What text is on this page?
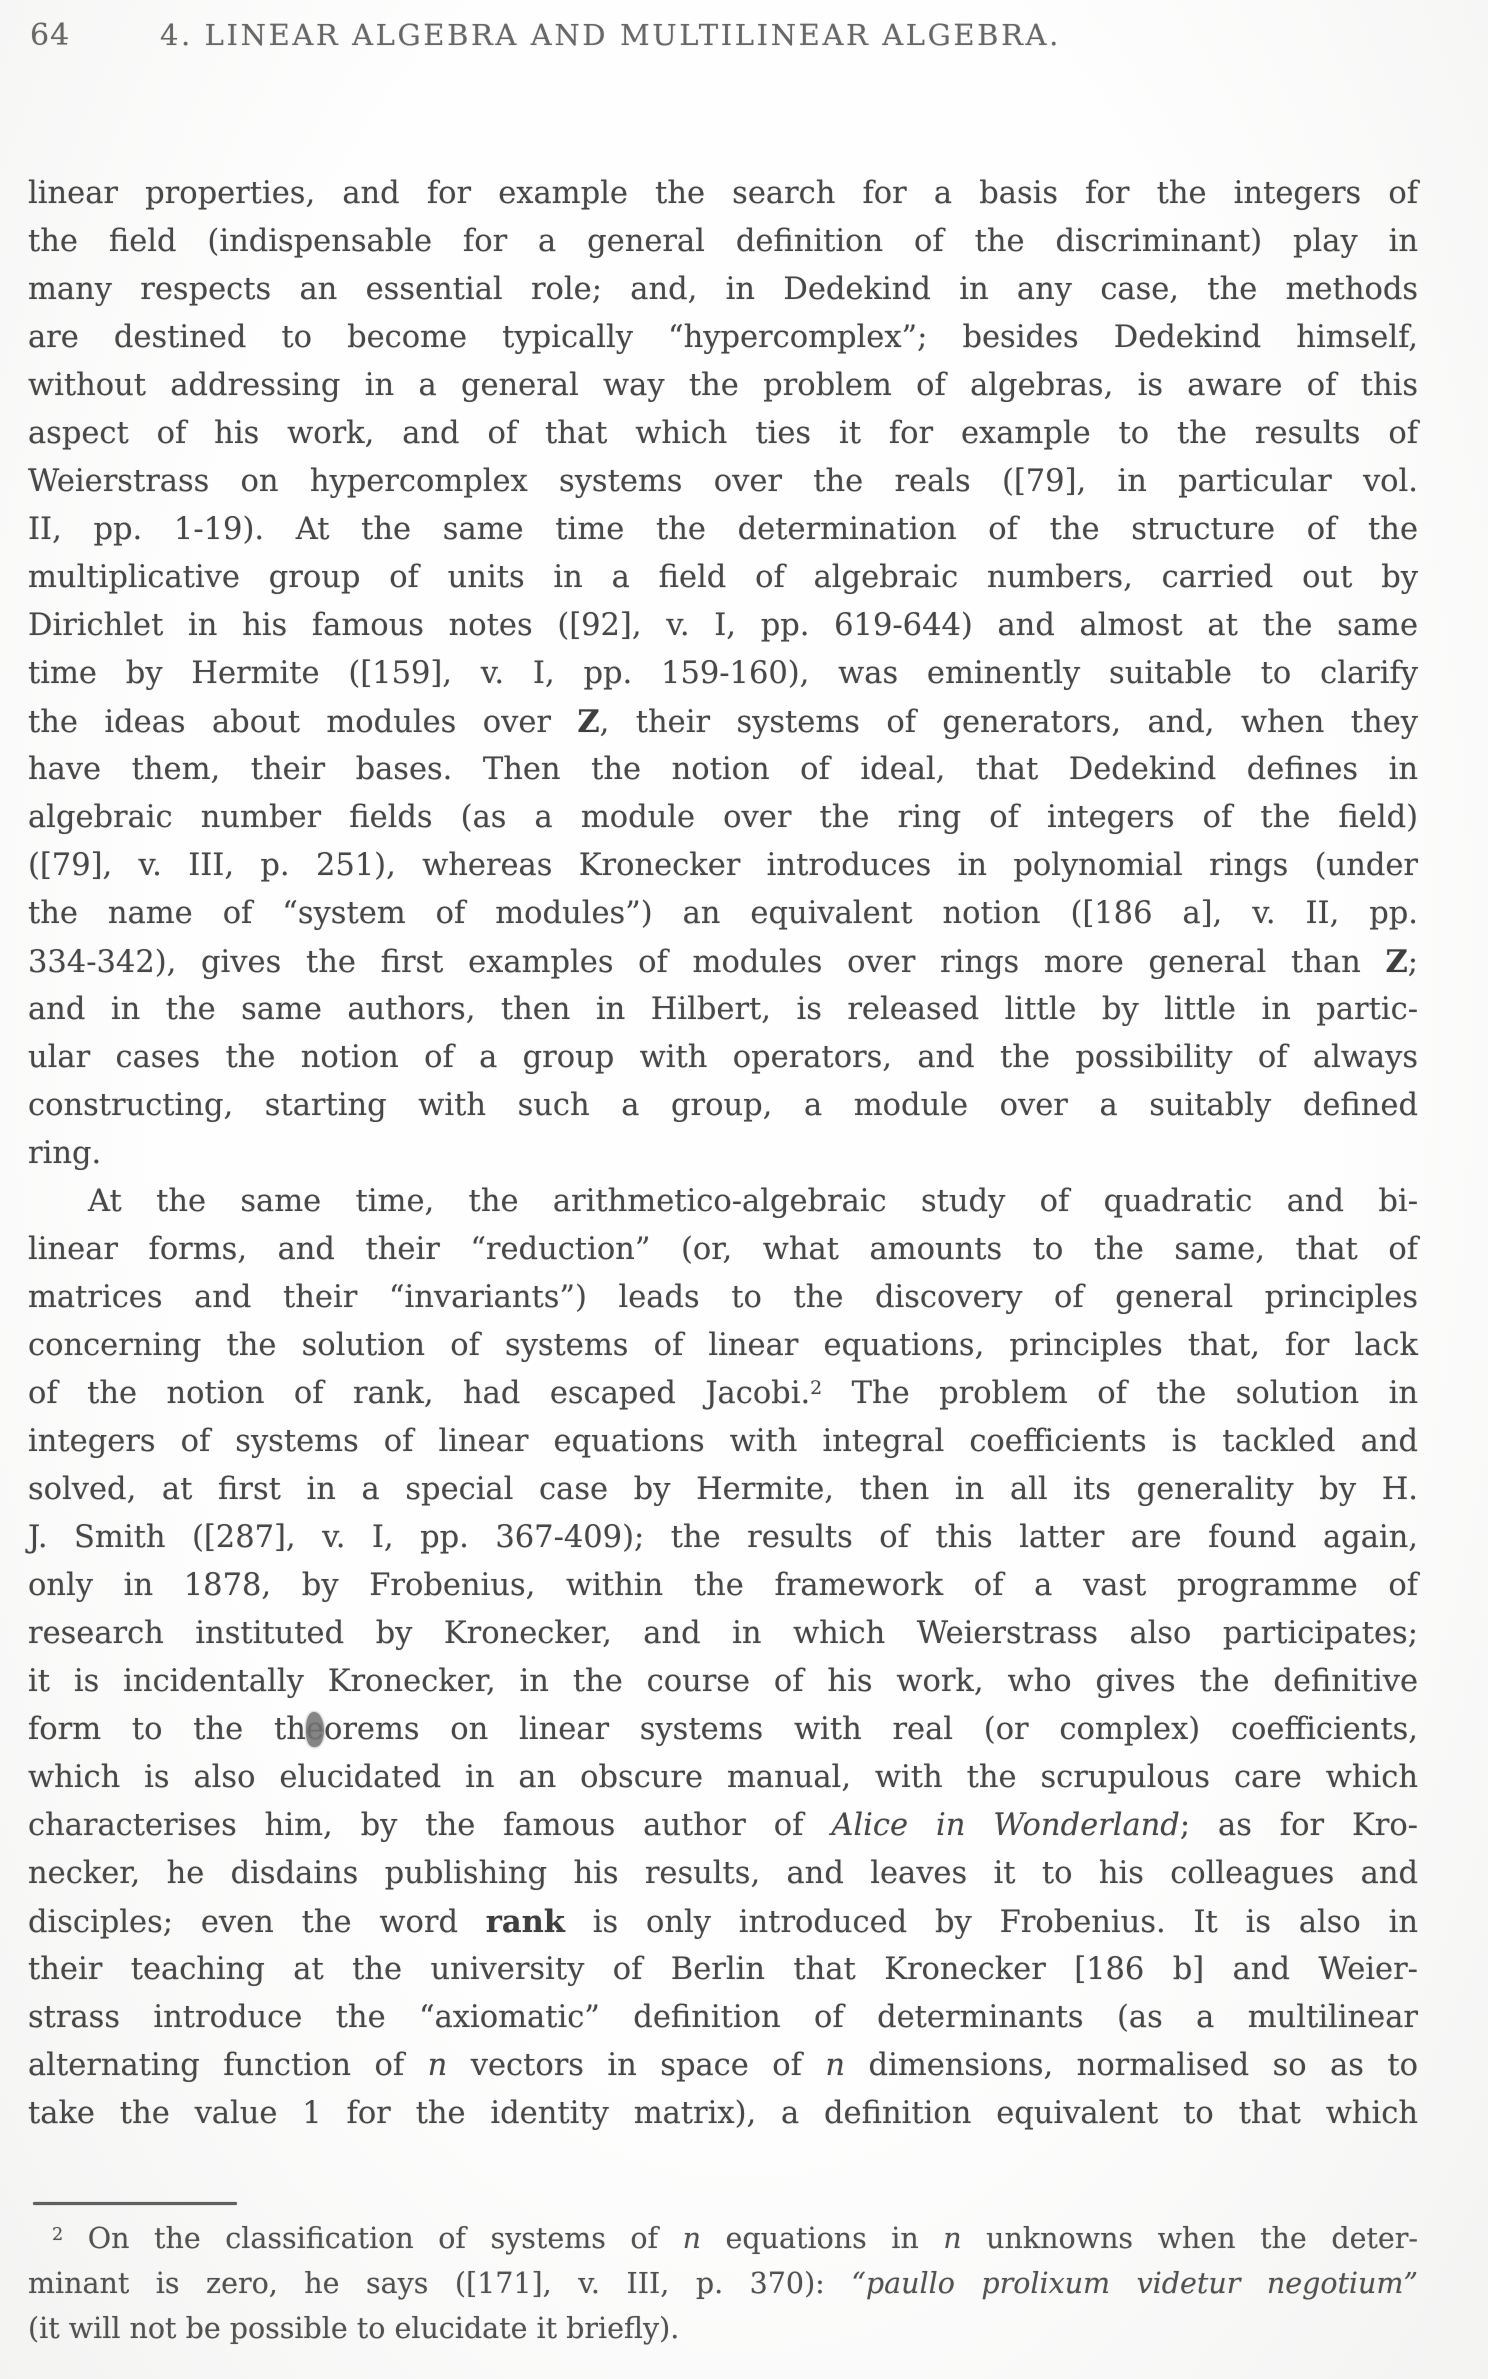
64	4. LINEAR ALGEBRA AND MULTILINEAR ALGEBRA.
linear properties, and for example the search for a basis for the integers of
the field (indispensable for a general definition of the discriminant) play in
many respects an essential role; and, in Dedekind in any case, the methods
are destined to become typically “hypercomplex”; besides Dedekind himself,
without addressing in a general way the problem of algebras, is aware of this
aspect of his work, and of that which ties it for example to the results of
Weierstrass on hypercomplex systems over the reals ([79], in particular vol.
II, pp. 1-19). At the same time the determination of the structure of the
multiplicative group of units in a field of algebraic numbers, carried out by
Dirichlet in his famous notes ([92], v. I, pp. 619-644) and almost at the same
time by Hermite ([159], v. I, pp. 159-160), was eminently suitable to clarify
the ideas about modules over Z, their systems of generators, and, when they
have them, their bases. Then the notion of ideal, that Dedekind defines in
algebraic number fields (as a module over the ring of integers of the field)
([79], v. III, p. 251), whereas Kronecker introduces in polynomial rings (under
the name of “system of modules”) an equivalent notion ([186 a], v. II, pp.
334-342), gives the first examples of modules over rings more general than Z;
and in the same authors, then in Hilbert, is released little by little in partic-
ular cases the notion of a group with operators, and the possibility of always
constructing, starting with such a group, a module over a suitably defined
ring.
At the same time, the arithmetico-algebraic study of quadratic and bi-
linear forms, and their “reduction” (or, what amounts to the same, that of
matrices and their “invariants”) leads to the discovery of general principles
concerning the solution of systems of linear equations, principles that, for lack
of the notion of rank, had escaped Jacobi.$^2$ The problem of the solution in
integers of systems of linear equations with integral coefficients is tackled and
solved, at first in a special case by Hermite, then in all its generality by H.
J. Smith ([287], v. I, pp. 367-409); the results of this latter are found again,
only in 1878, by Frobenius, within the framework of a vast programme of
research instituted by Kronecker, and in which Weierstrass also participates;
it is incidentally Kronecker, in the course of his work, who gives the definitive
form to the theorems on linear systems with real (or complex) coefficients,
which is also elucidated in an obscure manual, with the scrupulous care which
characterises him, by the famous author of Alice in Wonderland; as for Kro-
necker, he disdains publishing his results, and leaves it to his colleagues and
disciples; even the word rank is only introduced by Frobenius. It is also in
their teaching at the university of Berlin that Kronecker [186 b] and Weier-
strass introduce the “axiomatic” definition of determinants (as a multilinear
alternating function of n vectors in space of n dimensions, normalised so as to
take the value 1 for the identity matrix), a definition equivalent to that which
$^2$ On the classification of systems of n equations in n unknowns when the deter-
minant is zero, he says ([171], v. III, p. 370): “paullo prolixum videtur negotium”
(it will not be possible to elucidate it briefly).
